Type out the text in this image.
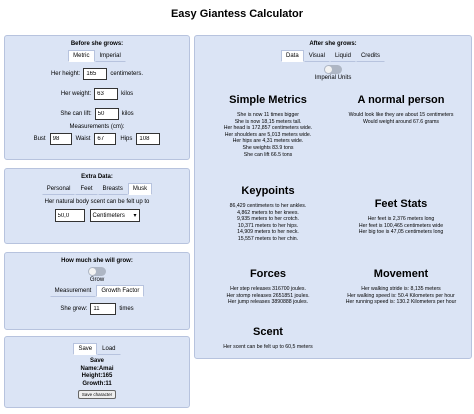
Easy Giantess Calculator
Before she grows:
Metric	Imperial
Her height:
165	centimeters.
Her weight:
63	kilos
She can lift:
50	kilos
Measurements (cm):
Bust
98	Waist
67	Hips
108
Extra Data:
Personal	Feet	Breasts	Musk
Her natural body scent can be felt up to
50,0
Centimeters ▾
How much she will grow:
Grow
Measurement	Growth Factor
She grew:
11	times
Save	Load
Save
Name:Amai
Height:165
Growth:11
Save character
After she grows:
Data	Visual	Liquid	Credits
Imperial Units
Simple Metrics
She is now 11 times bigger
She is now 18,15 meters tall.
Her head is 172,857 centimeters wide.
Her shoulders are 5,013 meters wide.
Her hips are 4,31 meters wide.
She weights 83.9 tons
She can lift 66.5 tons
A normal person
Would look like they are about 15 centimeters
Would weight around 67.6 grams
Keypoints
86,429 centimeters to her ankles.
4,862 meters to her knees.
9,935 meters to her crotch.
10,371 meters to her hips.
14,909 meters to her neck.
15,557 meters to her chin.
Feet Stats
Her feet is 2,376 meters long
Her feet is 100,465 centimeters wide
Her big toe is 47,05 centimeters long
Forces
Her step releases 316700 joules.
Her stomp releases 2651851 joules.
Her jump releases 3890888 joules.
Movement
Her walking stride is: 8,135 meters
Her walking speed is: 50.4 Kilometers per hour
Her running speed is: 130.2 Kilometers per hour
Scent
Her scent can be felt up to 60,5 meters
